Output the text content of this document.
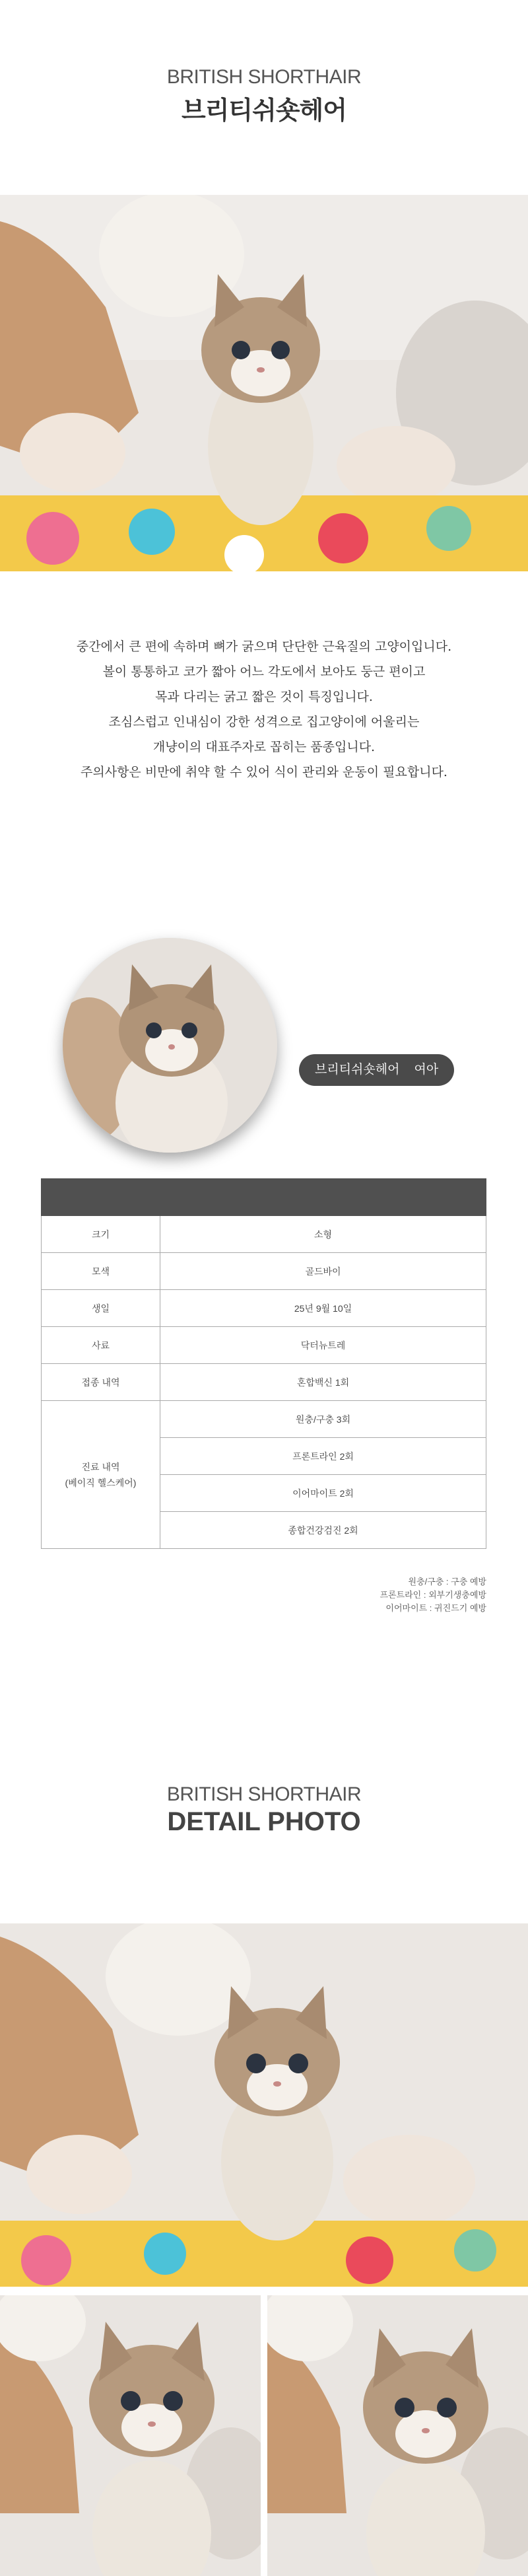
BRITISH SHORTHAIR
브리티쉬숏헤어
중간에서 큰 편에 속하며 뼈가 굵으며 단단한 근육질의 고양이입니다.
볼이 통통하고 코가 짧아 어느 각도에서 보아도 둥근 편이고
목과 다리는 굵고 짧은 것이 특징입니다.
조심스럽고 인내심이 강한 성격으로 집고양이에 어울리는
개냥이의 대표주자로 꼽히는 품종입니다.
주의사항은 비만에 취약 할 수 있어 식이 관리와 운동이 필요합니다.
브리티쉬숏헤어 여아

크기	소형
모색	골드바이
생일	25년 9월 10일
사료	닥터뉴트레
접종 내역	혼합백신 1회

진료 내역
(베이직 헬스케어)	원충/구충 3회
	프론트라인 2회
	이어마이트 2회
	종합건강검진 2회
원충/구충 : 구충 예방
프론트라인 : 외부기생충예방
이어마이트 : 귀진드기 예방
BRITISH SHORTHAIR
DETAIL PHOTO
